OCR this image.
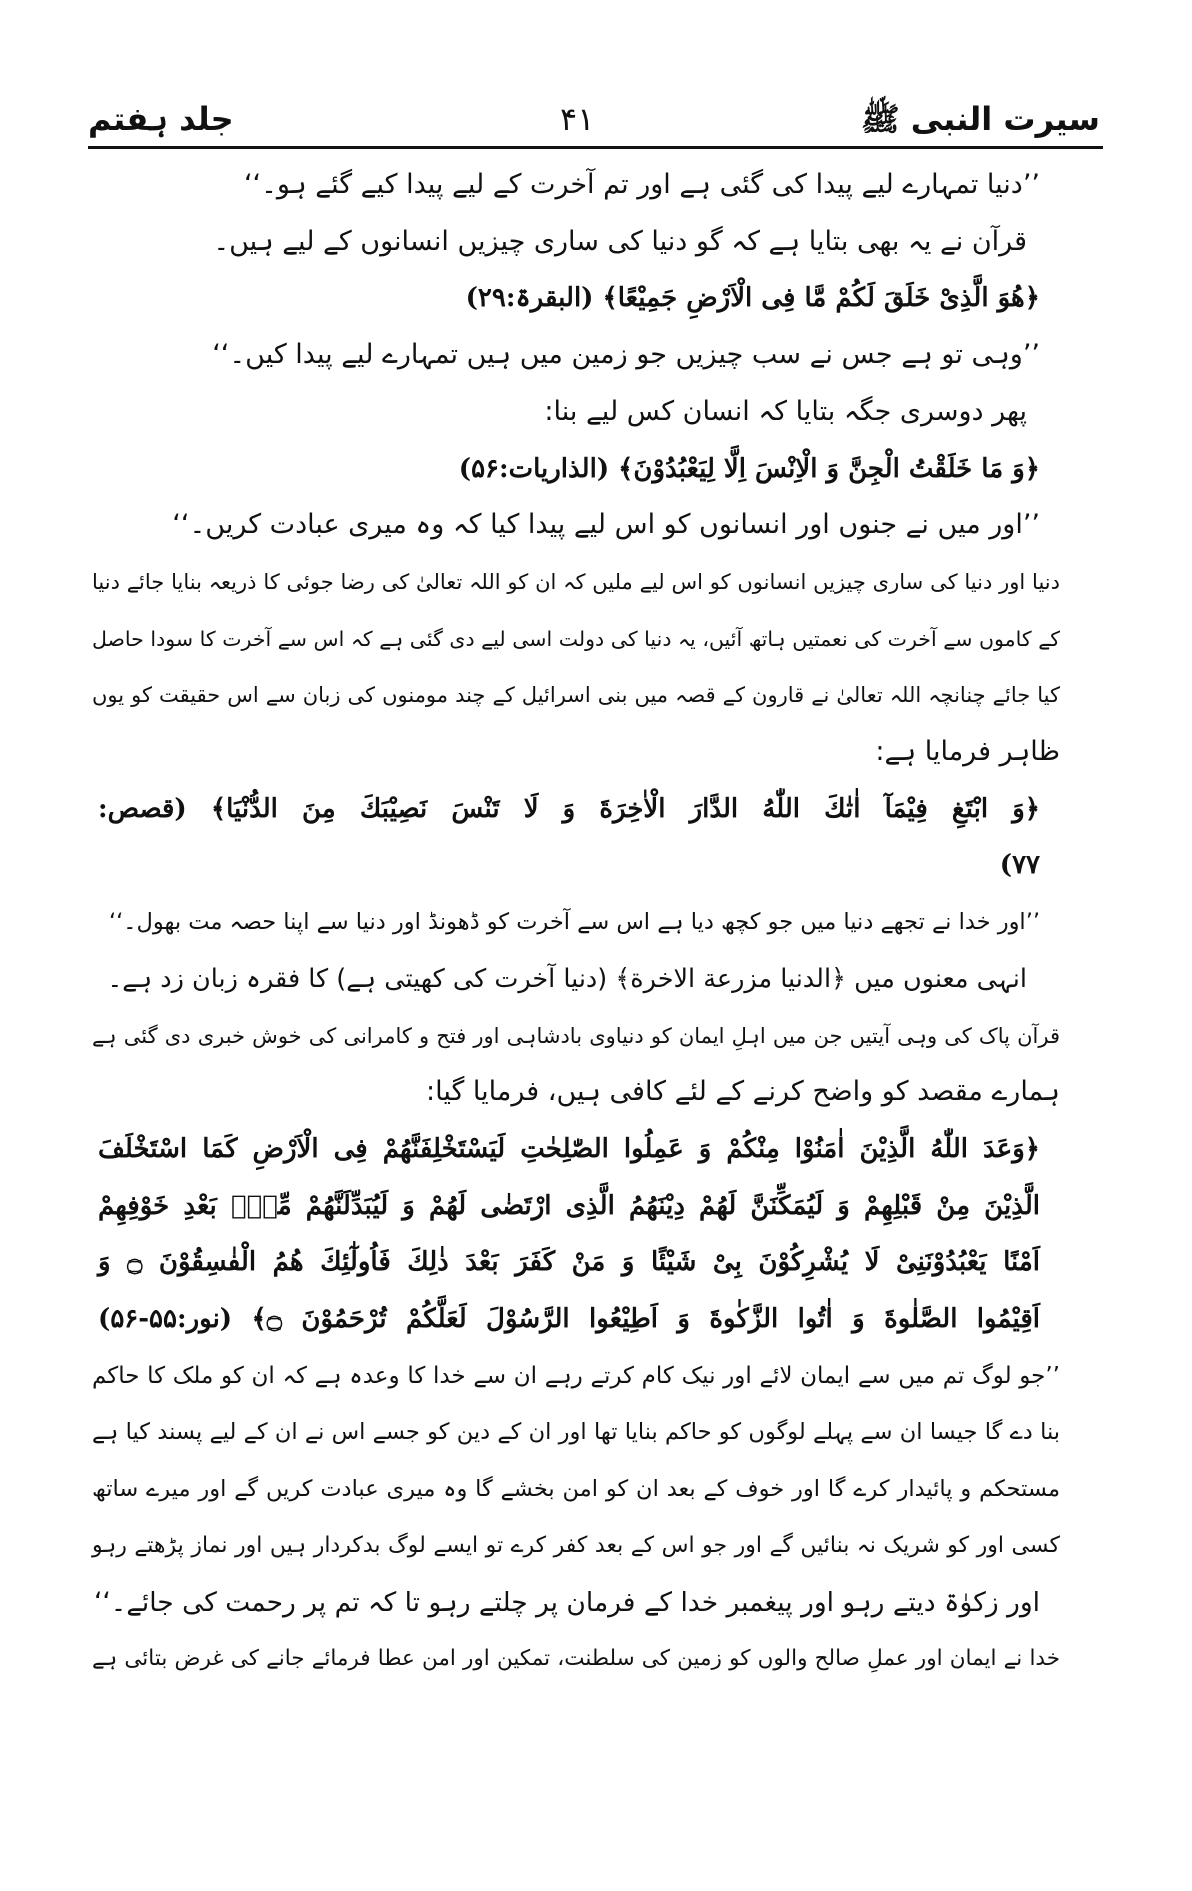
سیرت النبی ﷺ
۴۱
جلد ہفتم
’’دنیا تمہارے لیے پیدا کی گئی ہے اور تم آخرت کے لیے پیدا کیے گئے ہو۔‘‘
قرآن نے یہ بھی بتایا ہے کہ گو دنیا کی ساری چیزیں انسانوں کے لیے ہیں۔
﴿هُوَ الَّذِىْ خَلَقَ لَكُمْ مَّا فِى الْاَرْضِ جَمِيْعًا﴾ (البقرۃ:۲۹)
’’وہی تو ہے جس نے سب چیزیں جو زمین میں ہیں تمہارے لیے پیدا کیں۔‘‘
پھر دوسری جگہ بتایا کہ انسان کس لیے بنا:
﴿وَ مَا خَلَقْتُ الْجِنَّ وَ الْاِنْسَ اِلَّا لِيَعْبُدُوْنَ﴾ (الذاریات:۵۶)
’’اور میں نے جنوں اور انسانوں کو اس لیے پیدا کیا کہ وہ میری عبادت کریں۔‘‘
دنیا اور دنیا کی ساری چیزیں انسانوں کو اس لیے ملیں کہ ان کو اللہ تعالیٰ کی رضا جوئی کا ذریعہ بنایا جائے دنیا
کے کاموں سے آخرت کی نعمتیں ہاتھ آئیں، یہ دنیا کی دولت اسی لیے دی گئی ہے کہ اس سے آخرت کا سودا حاصل
کیا جائے چنانچہ اللہ تعالیٰ نے قارون کے قصہ میں بنی اسرائیل کے چند مومنوں کی زبان سے اس حقیقت کو یوں
ظاہر فرمایا ہے:
﴿وَ ابْتَغِ فِيْمَآ اٰتٰكَ اللّٰهُ الدَّارَ الْاٰخِرَةَ وَ لَا تَنْسَ نَصِيْبَكَ مِنَ الدُّنْيَا﴾ (قصص:
۷۷)
’’اور خدا نے تجھے دنیا میں جو کچھ دیا ہے اس سے آخرت کو ڈھونڈ اور دنیا سے اپنا حصہ مت بھول۔‘‘
انہی معنوں میں ﴿الدنیا مزرعة الاخرة﴾ (دنیا آخرت کی کھیتی ہے) کا فقرہ زبان زد ہے۔
قرآن پاک کی وہی آیتیں جن میں اہلِ ایمان کو دنیاوی بادشاہی اور فتح و کامرانی کی خوش خبری دی گئی ہے
ہمارے مقصد کو واضح کرنے کے لئے کافی ہیں، فرمایا گیا:
﴿وَعَدَ اللّٰهُ الَّذِيْنَ اٰمَنُوْا مِنْكُمْ وَ عَمِلُوا الصّٰلِحٰتِ لَيَسْتَخْلِفَنَّهُمْ فِى الْاَرْضِ كَمَا اسْتَخْلَفَ
الَّذِيْنَ مِنْ قَبْلِهِمْ وَ لَيُمَكِّنَنَّ لَهُمْ دِيْنَهُمُ الَّذِى ارْتَضٰى لَهُمْ وَ لَيُبَدِّلَنَّهُمْ مِّنْۢ بَعْدِ خَوْفِهِمْ
اَمْنًا يَعْبُدُوْنَنِىْ لَا يُشْرِكُوْنَ بِىْ شَيْئًا وَ مَنْ كَفَرَ بَعْدَ ذٰلِكَ فَاُولٰٓئِكَ هُمُ الْفٰسِقُوْنَ ۝ وَ
اَقِيْمُوا الصَّلٰوةَ وَ اٰتُوا الزَّكٰوةَ وَ اَطِيْعُوا الرَّسُوْلَ لَعَلَّكُمْ تُرْحَمُوْنَ ۝﴾ (نور:۵۵-۵۶)
’’جو لوگ تم میں سے ایمان لائے اور نیک کام کرتے رہے ان سے خدا کا وعدہ ہے کہ ان کو ملک کا حاکم
بنا دے گا جیسا ان سے پہلے لوگوں کو حاکم بنایا تھا اور ان کے دین کو جسے اس نے ان کے لیے پسند کیا ہے
مستحکم و پائیدار کرے گا اور خوف کے بعد ان کو امن بخشے گا وہ میری عبادت کریں گے اور میرے ساتھ
کسی اور کو شریک نہ بنائیں گے اور جو اس کے بعد کفر کرے تو ایسے لوگ بدکردار ہیں اور نماز پڑھتے رہو
اور زکوٰۃ دیتے رہو اور پیغمبر خدا کے فرمان پر چلتے رہو تا کہ تم پر رحمت کی جائے۔‘‘
خدا نے ایمان اور عملِ صالح والوں کو زمین کی سلطنت، تمکین اور امن عطا فرمائے جانے کی غرض بتائی ہے
